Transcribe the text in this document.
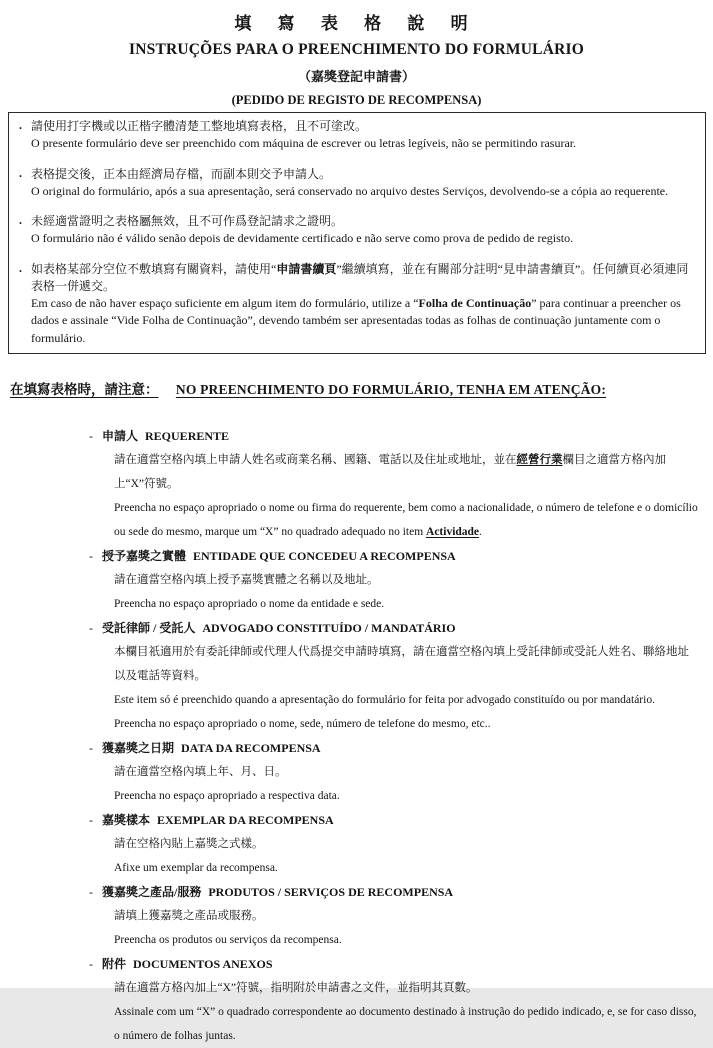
填 寫 表 格 說 明
INSTRUÇÕES PARA O PREENCHIMENTO DO FORMULÁRIO
（嘉獎登記申請書）
(PEDIDO DE REGISTO DE RECOMPENSA)
. 請使用打字機或以正楷字體清楚工整地填寫表格，且不可塗改。
O presente formulário deve ser preenchido com máquina de escrever ou letras legíveis, não se permitindo rasurar.
. 表格提交後，正本由經濟局存檔，而副本則交予申請人。
O original do formulário, após a sua apresentação, será conservado no arquivo destes Serviços, devolvendo-se a cópia ao requerente.
. 未經適當證明之表格屬無效，且不可作爲登記請求之證明。
O formulário não é válido senão depois de devidamente certificado e não serve como prova de pedido de registo.
. 如表格某部分空位不敷填寫有關資料，請使用“申請書續頁”繼續填寫，並在有關部分註明“見申請書續頁”。任何續頁必須連同表格一併遞交。
Em caso de não haver espaço suficiente em algum item do formulário, utilize a “Folha de Continuação” para continuar a preencher os dados e assinale “Vide Folha de Continuação”, devendo também ser apresentadas todas as folhas de continuação juntamente com o formulário.
在填寫表格時，請注意： NO PREENCHIMENTO DO FORMULÁRIO, TENHA EM ATENÇÃO:

- 申請人 REQUERENTE

請在適當空格內填上申請人姓名或商業名稱、國籍、電話以及住址或地址，並在經營行業欄目之適當方格內加上“X”符號。

Preencha no espaço apropriado o nome ou firma do requerente, bem como a nacionalidade, o número de telefone e o domicílio ou sede do mesmo, marque um “X” no quadrado adequado no item Actividade.

- 授予嘉獎之實體 ENTIDADE QUE CONCEDEU A RECOMPENSA

請在適當空格內填上授予嘉獎實體之名稱以及地址。

Preencha no espaço apropriado o nome da entidade e sede.

- 受託律師 / 受託人 ADVOGADO CONSTITUÍDO / MANDATÁRIO

本欄目祇適用於有委託律師或代理人代爲提交申請時填寫，請在適當空格內填上受託律師或受託人姓名、聯絡地址以及電話等資料。

Este item só é preenchido quando a apresentação do formulário for feita por advogado constituído ou por mandatário. Preencha no espaço apropriado o nome, sede, número de telefone do mesmo, etc..

- 獲嘉獎之日期 DATA DA RECOMPENSA

請在適當空格內填上年、月、日。

Preencha no espaço apropriado a respectiva data.

- 嘉獎樣本 EXEMPLAR DA RECOMPENSA

請在空格內貼上嘉獎之式樣。

Afixe um exemplar da recompensa.

- 獲嘉獎之產品/服務 PRODUTOS / SERVIÇOS DE RECOMPENSA

請填上獲嘉獎之產品或服務。

Preencha os produtos ou serviços da recompensa.

- 附件 DOCUMENTOS ANEXOS

請在適當方格內加上“X”符號，指明附於申請書之文件，並指明其頁數。

Assinale com um “X” o quadrado correspondente ao documento destinado à instrução do pedido indicado, e, se for caso disso, o número de folhas juntas.
